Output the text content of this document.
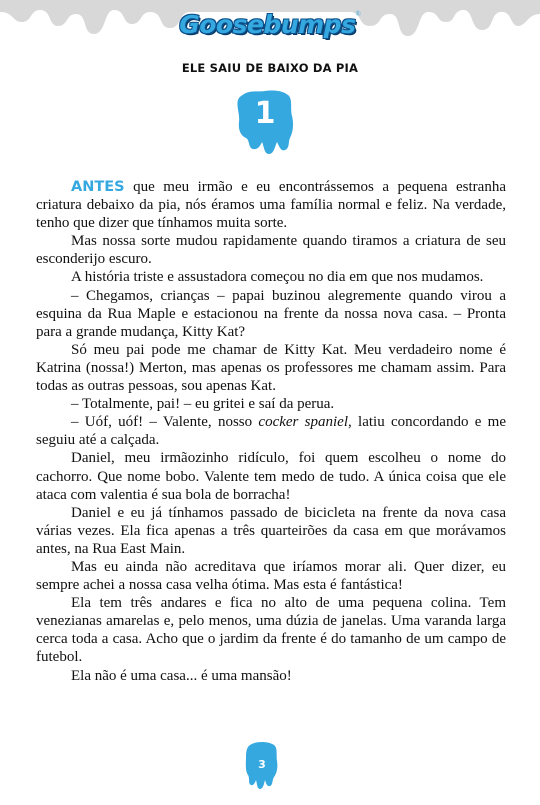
Goosebumps®
ELE SAIU DE BAIXO DA PIA
1

ANTES que meu irmão e eu encontrássemos a pequena estranha criatura debaixo da pia, nós éramos uma família normal e feliz. Na verdade, tenho que dizer que tínhamos muita sorte.

Mas nossa sorte mudou rapidamente quando tiramos a criatura de seu esconderijo escuro.

A história triste e assustadora começou no dia em que nos mudamos.

– Chegamos, crianças – papai buzinou alegremente quando virou a esquina da Rua Maple e estacionou na frente da nossa nova casa. – Pronta para a grande mudança, Kitty Kat?

Só meu pai pode me chamar de Kitty Kat. Meu verdadeiro nome é Katrina (nossa!) Merton, mas apenas os professores me chamam assim. Para todas as outras pessoas, sou apenas Kat.

– Totalmente, pai! – eu gritei e saí da perua.

– Uóf, uóf! – Valente, nosso cocker spaniel, latiu concordando e me seguiu até a calçada.

Daniel, meu irmãozinho ridículo, foi quem escolheu o nome do cachorro. Que nome bobo. Valente tem medo de tudo. A única coisa que ele ataca com valentia é sua bola de borracha!

Daniel e eu já tínhamos passado de bicicleta na frente da nova casa várias vezes. Ela fica apenas a três quarteirões da casa em que morávamos antes, na Rua East Main.

Mas eu ainda não acreditava que iríamos morar ali. Quer dizer, eu sempre achei a nossa casa velha ótima. Mas esta é fantástica!

Ela tem três andares e fica no alto de uma pequena colina. Tem venezianas amarelas e, pelo menos, uma dúzia de janelas. Uma varanda larga cerca toda a casa. Acho que o jardim da frente é do tamanho de um campo de futebol.

Ela não é uma casa... é uma mansão!

3
